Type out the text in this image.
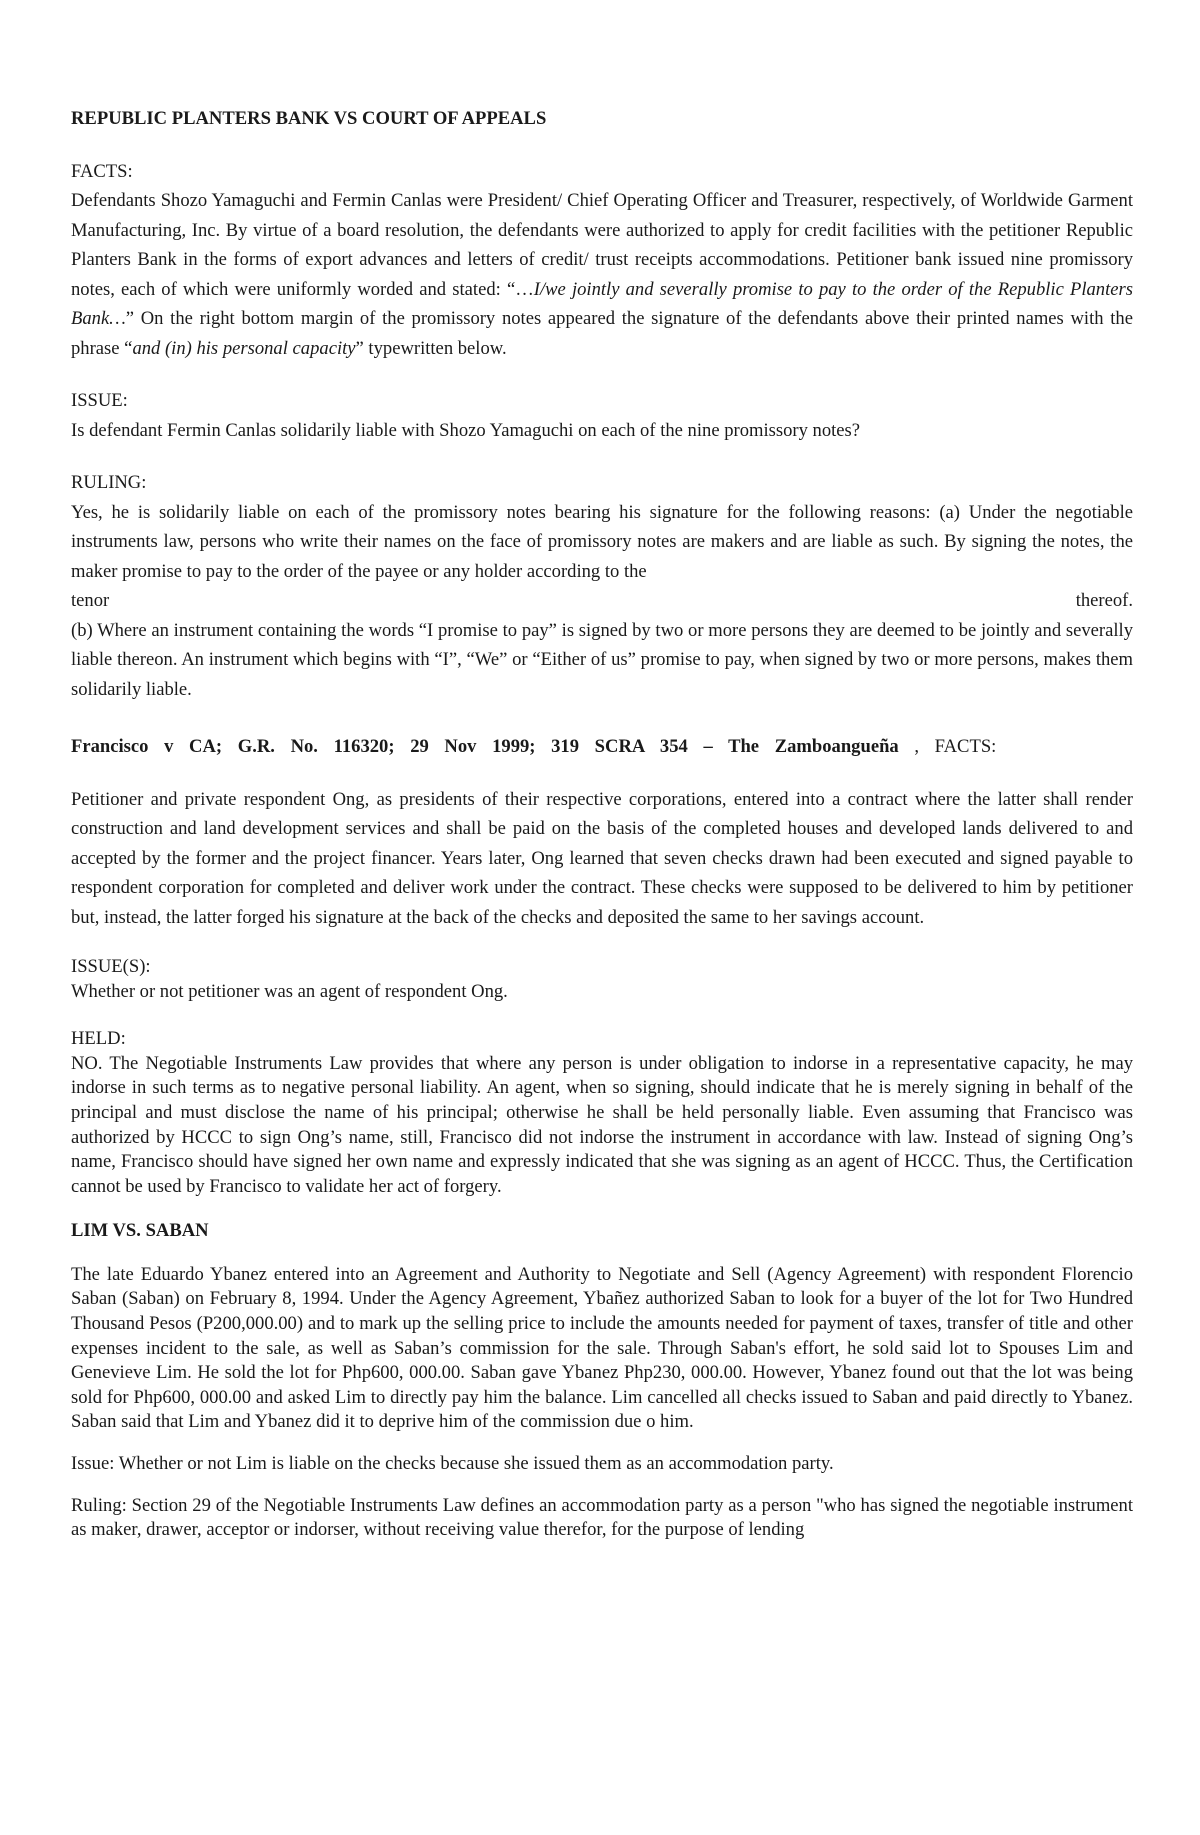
REPUBLIC PLANTERS BANK VS COURT OF APPEALS

FACTS:

Defendants Shozo Yamaguchi and Fermin Canlas were President/ Chief Operating Officer and Treasurer, respectively, of Worldwide Garment Manufacturing, Inc. By virtue of a board resolution, the defendants were authorized to apply for credit facilities with the petitioner Republic Planters Bank in the forms of export advances and letters of credit/ trust receipts accommodations. Petitioner bank issued nine promissory notes, each of which were uniformly worded and stated: “…I/we jointly and severally promise to pay to the order of the Republic Planters Bank…” On the right bottom margin of the promissory notes appeared the signature of the defendants above their printed names with the phrase “and (in) his personal capacity” typewritten below.

ISSUE:

Is defendant Fermin Canlas solidarily liable with Shozo Yamaguchi on each of the nine promissory notes?

RULING:

Yes, he is solidarily liable on each of the promissory notes bearing his signature for the following reasons: (a) Under the negotiable instruments law, persons who write their names on the face of promissory notes are makers and are liable as such. By signing the notes, the maker promise to pay to the order of the payee or any holder according to the

tenor	thereof.

(b) Where an instrument containing the words “I promise to pay” is signed by two or more persons they are deemed to be jointly and severally liable thereon. An instrument which begins with “I”, “We” or “Either of us” promise to pay, when signed by two or more persons, makes them solidarily liable.

Francisco v CA; G.R. No. 116320; 29 Nov 1999; 319 SCRA 354 – The Zamboangueña , FACTS:

Petitioner and private respondent Ong, as presidents of their respective corporations, entered into a contract where the latter shall render construction and land development services and shall be paid on the basis of the completed houses and developed lands delivered to and accepted by the former and the project financer. Years later, Ong learned that seven checks drawn had been executed and signed payable to respondent corporation for completed and deliver work under the contract. These checks were supposed to be delivered to him by petitioner but, instead, the latter forged his signature at the back of the checks and deposited the same to her savings account.

ISSUE(S):

Whether or not petitioner was an agent of respondent Ong.

HELD:

NO. The Negotiable Instruments Law provides that where any person is under obligation to indorse in a representative capacity, he may indorse in such terms as to negative personal liability. An agent, when so signing, should indicate that he is merely signing in behalf of the principal and must disclose the name of his principal; otherwise he shall be held personally liable. Even assuming that Francisco was authorized by HCCC to sign Ong’s name, still, Francisco did not indorse the instrument in accordance with law. Instead of signing Ong’s name, Francisco should have signed her own name and expressly indicated that she was signing as an agent of HCCC. Thus, the Certification cannot be used by Francisco to validate her act of forgery.

LIM VS. SABAN

The late Eduardo Ybanez entered into an Agreement and Authority to Negotiate and Sell (Agency Agreement) with respondent Florencio Saban (Saban) on February 8, 1994. Under the Agency Agreement, Ybañez authorized Saban to look for a buyer of the lot for Two Hundred Thousand Pesos (P200,000.00) and to mark up the selling price to include the amounts needed for payment of taxes, transfer of title and other expenses incident to the sale, as well as Saban’s commission for the sale. Through Saban's effort, he sold said lot to Spouses Lim and Genevieve Lim. He sold the lot for Php600, 000.00. Saban gave Ybanez Php230, 000.00. However, Ybanez found out that the lot was being sold for Php600, 000.00 and asked Lim to directly pay him the balance. Lim cancelled all checks issued to Saban and paid directly to Ybanez. Saban said that Lim and Ybanez did it to deprive him of the commission due o him.

Issue: Whether or not Lim is liable on the checks because she issued them as an accommodation party.

Ruling: Section 29 of the Negotiable Instruments Law defines an accommodation party as a person "who has signed the negotiable instrument as maker, drawer, acceptor or indorser, without receiving value therefor, for the purpose of lending
